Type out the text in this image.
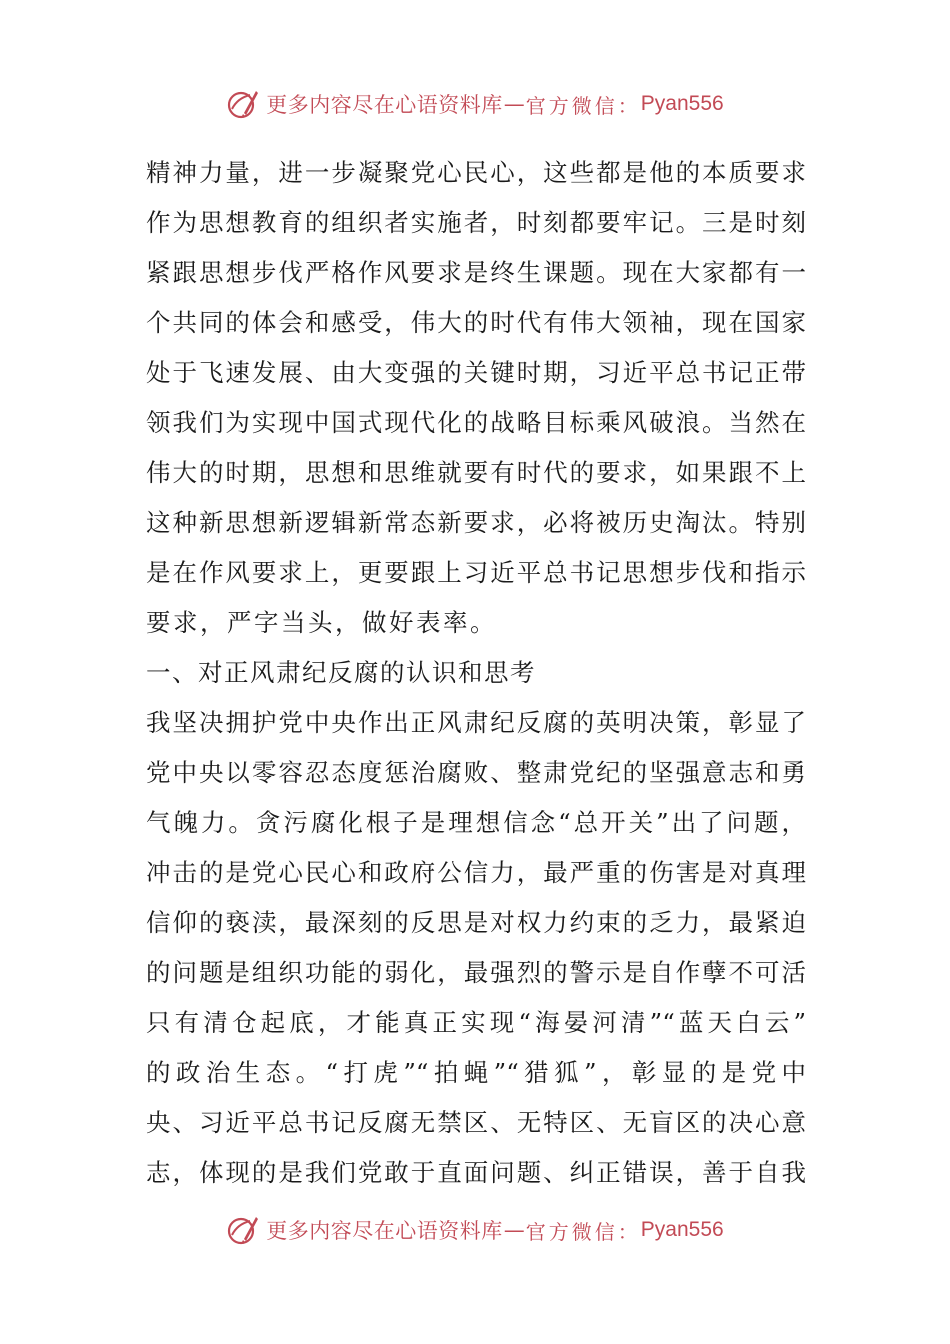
更多内容尽在心语资料库 — 官方微信： Pyan556
精神力量，进一步凝聚党心民心，这些都是他的本质要求
作为思想教育的组织者实施者，时刻都要牢记。三是时刻
紧跟思想步伐严格作风要求是终生课题。现在大家都有一
个共同的体会和感受，伟大的时代有伟大领袖，现在国家
处于飞速发展、由大变强的关键时期，习近平总书记正带
领我们为实现中国式现代化的战略目标乘风破浪。当然在
伟大的时期，思想和思维就要有时代的要求，如果跟不上
这种新思想新逻辑新常态新要求，必将被历史淘汰。特别
是在作风要求上，更要跟上习近平总书记思想步伐和指示
要求，严字当头，做好表率。
一、对正风肃纪反腐的认识和思考
我坚决拥护党中央作出正风肃纪反腐的英明决策，彰显了
党中央以零容忍态度惩治腐败、整肃党纪的坚强意志和勇
气魄力。贪污腐化根子是理想信念“总开关”出了问题，
冲击的是党心民心和政府公信力，最严重的伤害是对真理
信仰的亵渎，最深刻的反思是对权力约束的乏力，最紧迫
的问题是组织功能的弱化，最强烈的警示是自作孽不可活
只有清仓起底，才能真正实现“海晏河清”“蓝天白云”
的政治生态。“打虎”“拍蝇”“猎狐”，彰显的是党中
央、习近平总书记反腐无禁区、无特区、无盲区的决心意
志，体现的是我们党敢于直面问题、纠正错误，善于自我
更多内容尽在心语资料库 — 官方微信： Pyan556
